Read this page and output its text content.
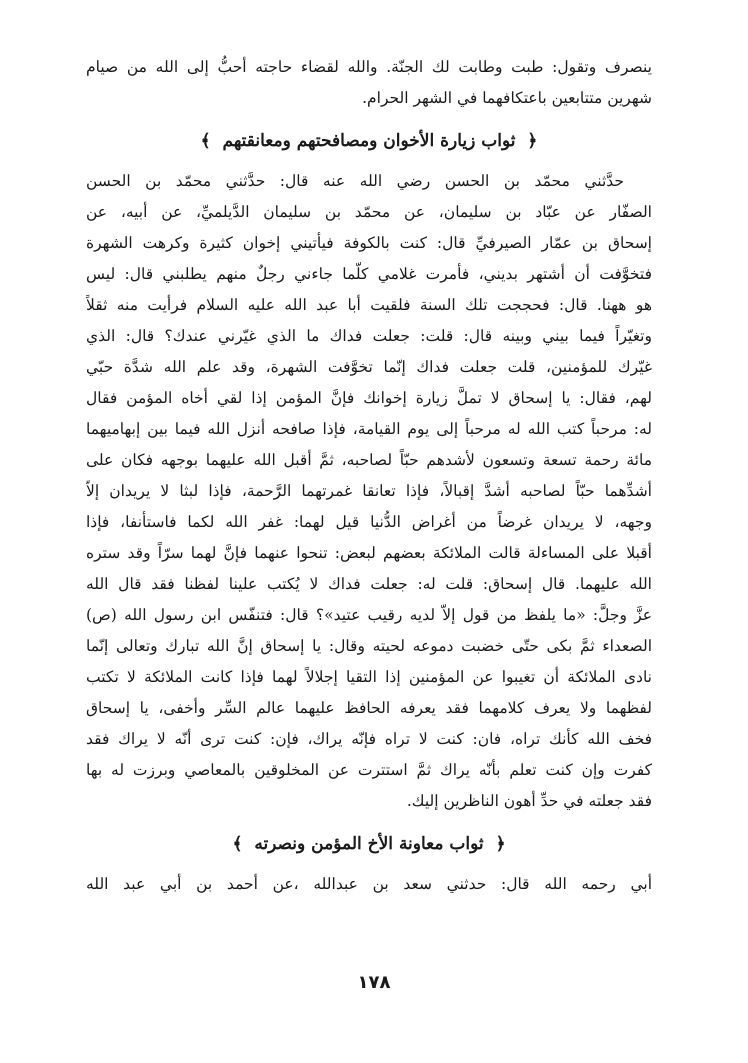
ينصرف وتقول: طبت وطابت لك الجنّة. والله لقضاء حاجته أحبُّ إلى الله من صيام
شهرين متتابعين باعتكافهما في الشهر الحرام.
﴿ ثواب زيارة الأخوان ومصافحتهم ومعانقتهم ﴾
حدَّثني محمّد بن الحسن رضي الله عنه قال: حدَّثني محمّد بن الحسن
الصفّار عن عبّاد بن سليمان، عن محمّد بن سليمان الدَّيلميِّ، عن أبيه، عن
إسحاق بن عمّار الصيرفيِّ قال: كنت بالكوفة فيأتيني إخوان كثيرة وكرهت الشهرة
فتخوَّفت أن أشتهر بديني، فأمرت غلامي كلّما جاءني رجلٌ منهم يطلبني قال: ليس
هو ههنا. قال: فحججت تلك السنة فلقيت أبا عبد الله عليه السلام فرأيت منه ثقلاً
وتغيّراً فيما بيني وبينه قال: قلت: جعلت فداك ما الذي غيّرني عندك؟ قال: الذي
غيّرك للمؤمنين، قلت جعلت فداك إنّما تخوَّفت الشهرة، وقد علم الله شدَّة حبّي
لهم، فقال: يا إسحاق لا تملَّ زيارة إخوانك فإنَّ المؤمن إذا لقي أخاه المؤمن فقال
له: مرحباً كتب الله له مرحباً إلى يوم القيامة، فإذا صافحه أنزل الله فيما بين إبهاميهما
مائة رحمة تسعة وتسعون لأشدهم حبّاً لصاحبه، ثمَّ أقبل الله عليهما بوجهه فكان على
أشدِّهما حبّاً لصاحبه أشدَّ إقبالاً، فإذا تعانقا غمرتهما الرَّحمة، فإذا لبثا لا يريدان إلاّ
وجهه، لا يريدان غرضاً من أغراض الدُّنيا قيل لهما: غفر الله لكما فاستأنفا، فإذا
أقبلا على المساءلة قالت الملائكة بعضهم لبعض: تنحوا عنهما فإنَّ لهما سرّاً وقد ستره
الله عليهما. قال إسحاق: قلت له: جعلت فداك لا يُكتب علينا لفظنا فقد قال الله
عزَّ وجلَّ: «ما يلفظ من قول إلاّ لديه رقيب عتيد»؟ قال: فتنفّس ابن رسول الله (ص)
الصعداء ثمَّ بكى حتّى خضبت دموعه لحيته وقال: يا إسحاق إنَّ الله تبارك وتعالى إنّما
نادى الملائكة أن تغيبوا عن المؤمنين إذا التقيا إجلالاً لهما فإذا كانت الملائكة لا تكتب
لفظهما ولا يعرف كلامهما فقد يعرفه الحافظ عليهما عالم السِّر وأخفى، يا إسحاق
فخف الله كأنك تراه، فان: كنت لا تراه فإنّه يراك، فإن: كنت ترى أنّه لا يراك فقد
كفرت وإن كنت تعلم بأنّه يراك ثمَّ استترت عن المخلوقين بالمعاصي وبرزت له بها
فقد جعلته في حدِّ أهون الناظرين إليك.
﴿ ثواب معاونة الأخ المؤمن ونصرته ﴾
أبي رحمه الله قال: حدثني سعد بن عبدالله ،عن أحمد بن أبي عبد الله
١٧٨
